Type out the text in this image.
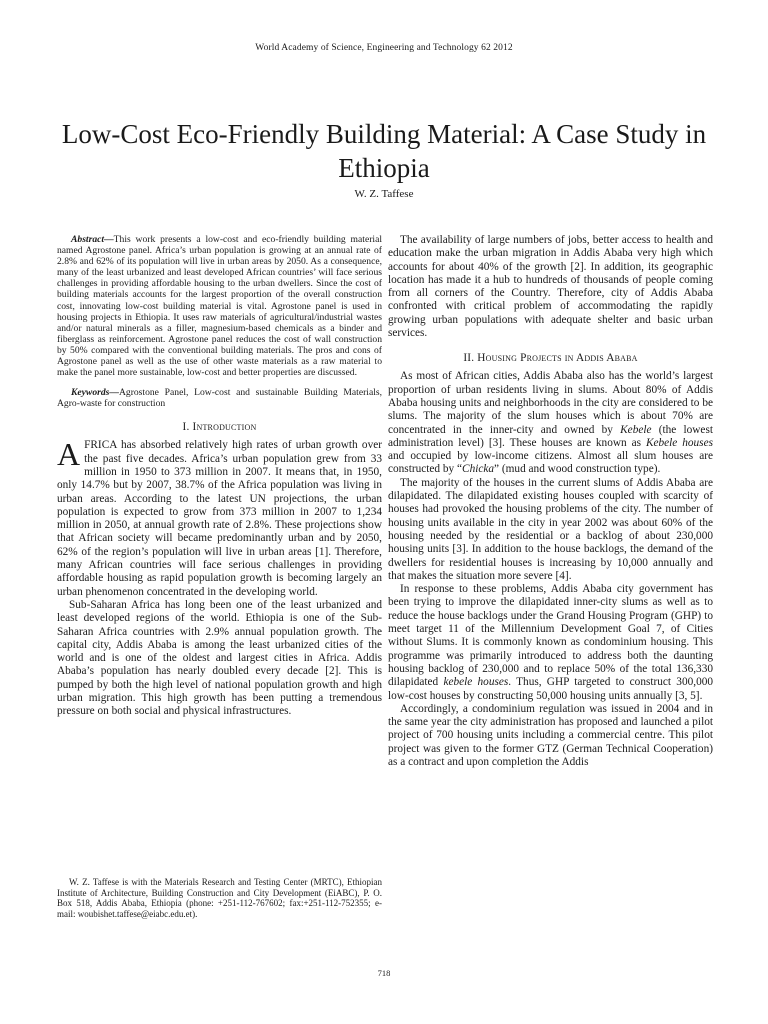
World Academy of Science, Engineering and Technology 62 2012
Low-Cost Eco-Friendly Building Material: A Case Study in Ethiopia
W. Z. Taffese

Abstract—This work presents a low-cost and eco-friendly building material named Agrostone panel. Africa’s urban population is growing at an annual rate of 2.8% and 62% of its population will live in urban areas by 2050. As a consequence, many of the least urbanized and least developed African countries’ will face serious challenges in providing affordable housing to the urban dwellers. Since the cost of building materials accounts for the largest proportion of the overall construction cost, innovating low-cost building material is vital. Agrostone panel is used in housing projects in Ethiopia. It uses raw materials of agricultural/industrial wastes and/or natural minerals as a filler, magnesium-based chemicals as a binder and fiberglass as reinforcement. Agrostone panel reduces the cost of wall construction by 50% compared with the conventional building materials. The pros and cons of Agrostone panel as well as the use of other waste materials as a raw material to make the panel more sustainable, low-cost and better properties are discussed.

Keywords—Agrostone Panel, Low-cost and sustainable Building Materials, Agro-waste for construction

I. Introduction

AFRICA has absorbed relatively high rates of urban growth over the past five decades. Africa’s urban population grew from 33 million in 1950 to 373 million in 2007. It means that, in 1950, only 14.7% but by 2007, 38.7% of the Africa population was living in urban areas. According to the latest UN projections, the urban population is expected to grow from 373 million in 2007 to 1,234 million in 2050, at annual growth rate of 2.8%. These projections show that African society will became predominantly urban and by 2050, 62% of the region’s population will live in urban areas [1]. Therefore, many African countries will face serious challenges in providing affordable housing as rapid population growth is becoming largely an urban phenomenon concentrated in the developing world.

Sub-Saharan Africa has long been one of the least urbanized and least developed regions of the world. Ethiopia is one of the Sub-Saharan Africa countries with 2.9% annual population growth. The capital city, Addis Ababa is among the least urbanized cities of the world and is one of the oldest and largest cities in Africa. Addis Ababa’s population has nearly doubled every decade [2]. This is pumped by both the high level of national population growth and high urban migration. This high growth has been putting a tremendous pressure on both social and physical infrastructures.

W. Z. Taffese is with the Materials Research and Testing Center (MRTC), Ethiopian Institute of Architecture, Building Construction and City Development (EiABC), P. O. Box 518, Addis Ababa, Ethiopia (phone: +251-112-767602; fax:+251-112-752355; e-mail: woubishet.taffese@eiabc.edu.et).

The availability of large numbers of jobs, better access to health and education make the urban migration in Addis Ababa very high which accounts for about 40% of the growth [2]. In addition, its geographic location has made it a hub to hundreds of thousands of people coming from all corners of the Country. Therefore, city of Addis Ababa confronted with critical problem of accommodating the rapidly growing urban populations with adequate shelter and basic urban services.

II. Housing Projects in Addis Ababa

As most of African cities, Addis Ababa also has the world’s largest proportion of urban residents living in slums. About 80% of Addis Ababa housing units and neighborhoods in the city are considered to be slums. The majority of the slum houses which is about 70% are concentrated in the inner-city and owned by Kebele (the lowest administration level) [3]. These houses are known as Kebele houses and occupied by low-income citizens. Almost all slum houses are constructed by “Chicka” (mud and wood construction type).

The majority of the houses in the current slums of Addis Ababa are dilapidated. The dilapidated existing houses coupled with scarcity of houses had provoked the housing problems of the city. The number of housing units available in the city in year 2002 was about 60% of the housing needed by the residential or a backlog of about 230,000 housing units [3]. In addition to the house backlogs, the demand of the dwellers for residential houses is increasing by 10,000 annually and that makes the situation more severe [4].

In response to these problems, Addis Ababa city government has been trying to improve the dilapidated inner-city slums as well as to reduce the house backlogs under the Grand Housing Program (GHP) to meet target 11 of the Millennium Development Goal 7, of Cities without Slums. It is commonly known as condominium housing. This programme was primarily introduced to address both the daunting housing backlog of 230,000 and to replace 50% of the total 136,330 dilapidated kebele houses. Thus, GHP targeted to construct 300,000 low-cost houses by constructing 50,000 housing units annually [3, 5].

Accordingly, a condominium regulation was issued in 2004 and in the same year the city administration has proposed and launched a pilot project of 700 housing units including a commercial centre. This pilot project was given to the former GTZ (German Technical Cooperation) as a contract and upon completion the Addis

718
